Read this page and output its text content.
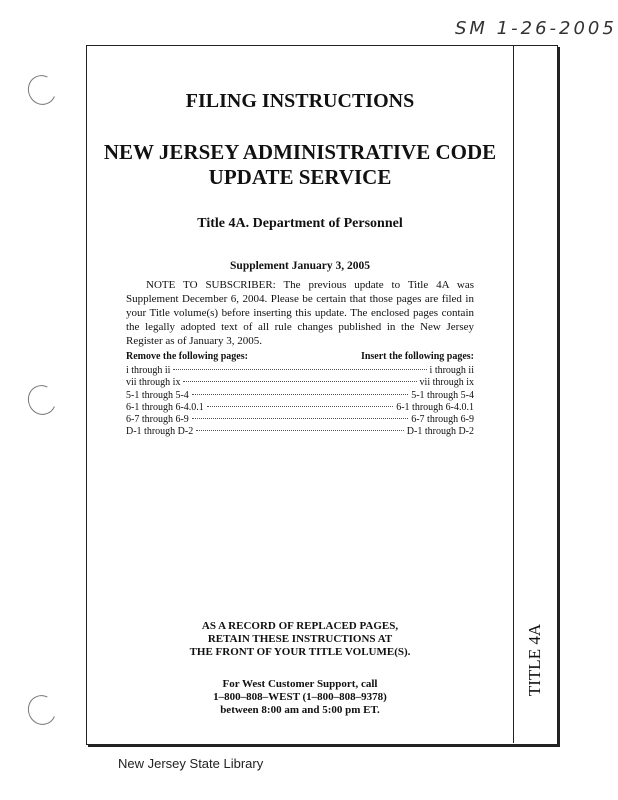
SM 1-26-2005
TITLE 4A
FILING INSTRUCTIONS
NEW JERSEY ADMINISTRATIVE CODE
UPDATE SERVICE
Title 4A. Department of Personnel
Supplement January 3, 2005
NOTE TO SUBSCRIBER: The previous update to Title 4A was Supplement December 6, 2004. Please be certain that those pages are filed in your Title volume(s) before inserting this update. The enclosed pages contain the legally adopted text of all rule changes published in the New Jersey Register as of January 3, 2005.
Remove the following pages:	Insert the following pages:
i through ii	i through ii
vii through ix	vii through ix
5-1 through 5-4	5-1 through 5-4
6-1 through 6-4.0.1	6-1 through 6-4.0.1
6-7 through 6-9	6-7 through 6-9
D-1 through D-2	D-1 through D-2
AS A RECORD OF REPLACED PAGES,
RETAIN THESE INSTRUCTIONS AT
THE FRONT OF YOUR TITLE VOLUME(S).
For West Customer Support, call
1–800–808–WEST (1–800–808–9378)
between 8:00 am and 5:00 pm ET.
New Jersey State Library
